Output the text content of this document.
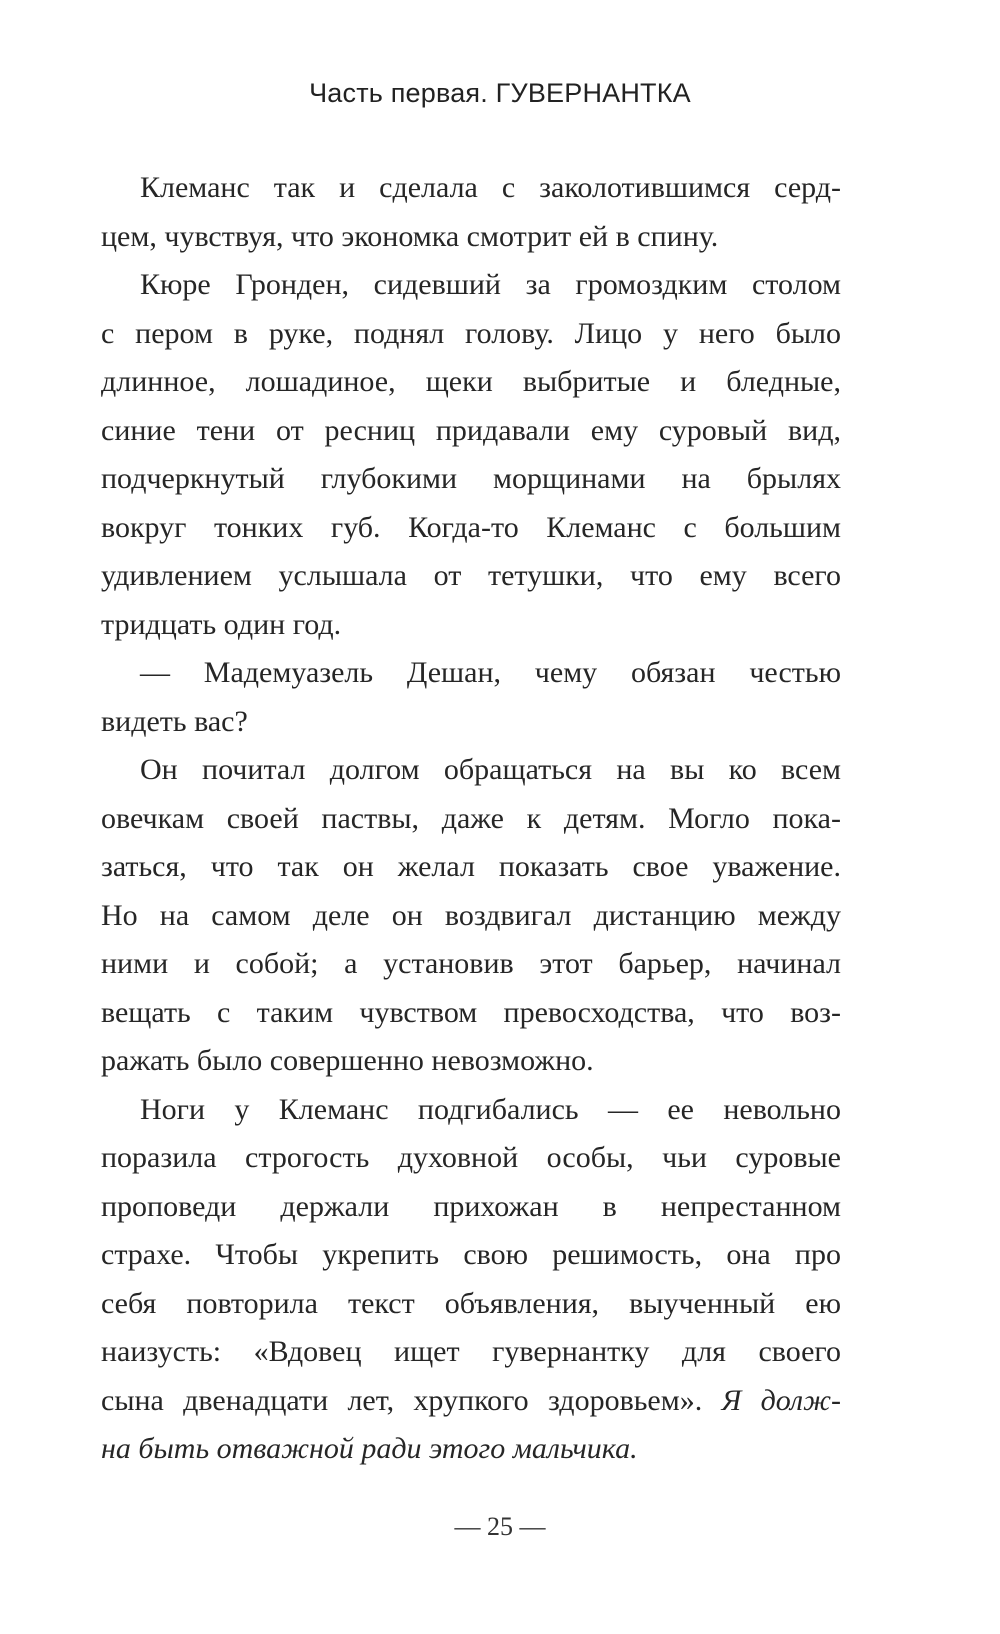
Часть первая. ГУВЕРНАНТКА
Клеманс так и сделала с заколотившимся серд-
цем, чувствуя, что экономка смотрит ей в спину.
Кюре Гронден, сидевший за громоздким столом
с пером в руке, поднял голову. Лицо у него было
длинное, лошадиное, щеки выбритые и бледные,
синие тени от ресниц придавали ему суровый вид,
подчеркнутый глубокими морщинами на брылях
вокруг тонких губ. Когда-то Клеманс с большим
удивлением услышала от тетушки, что ему всего
тридцать один год.
— Мадемуазель Дешан, чему обязан честью
видеть вас?
Он почитал долгом обращаться на вы ко всем
овечкам своей паствы, даже к детям. Могло пока-
заться, что так он желал показать свое уважение.
Но на самом деле он воздвигал дистанцию между
ними и собой; а установив этот барьер, начинал
вещать с таким чувством превосходства, что воз-
ражать было совершенно невозможно.
Ноги у Клеманс подгибались — ее невольно
поразила строгость духовной особы, чьи суровые
проповеди держали прихожан в непрестанном
страхе. Чтобы укрепить свою решимость, она про
себя повторила текст объявления, выученный ею
наизусть: «Вдовец ищет гувернантку для своего
сына двенадцати лет, хрупкого здоровьем». Я долж-
на быть отважной ради этого мальчика.
— 25 —
